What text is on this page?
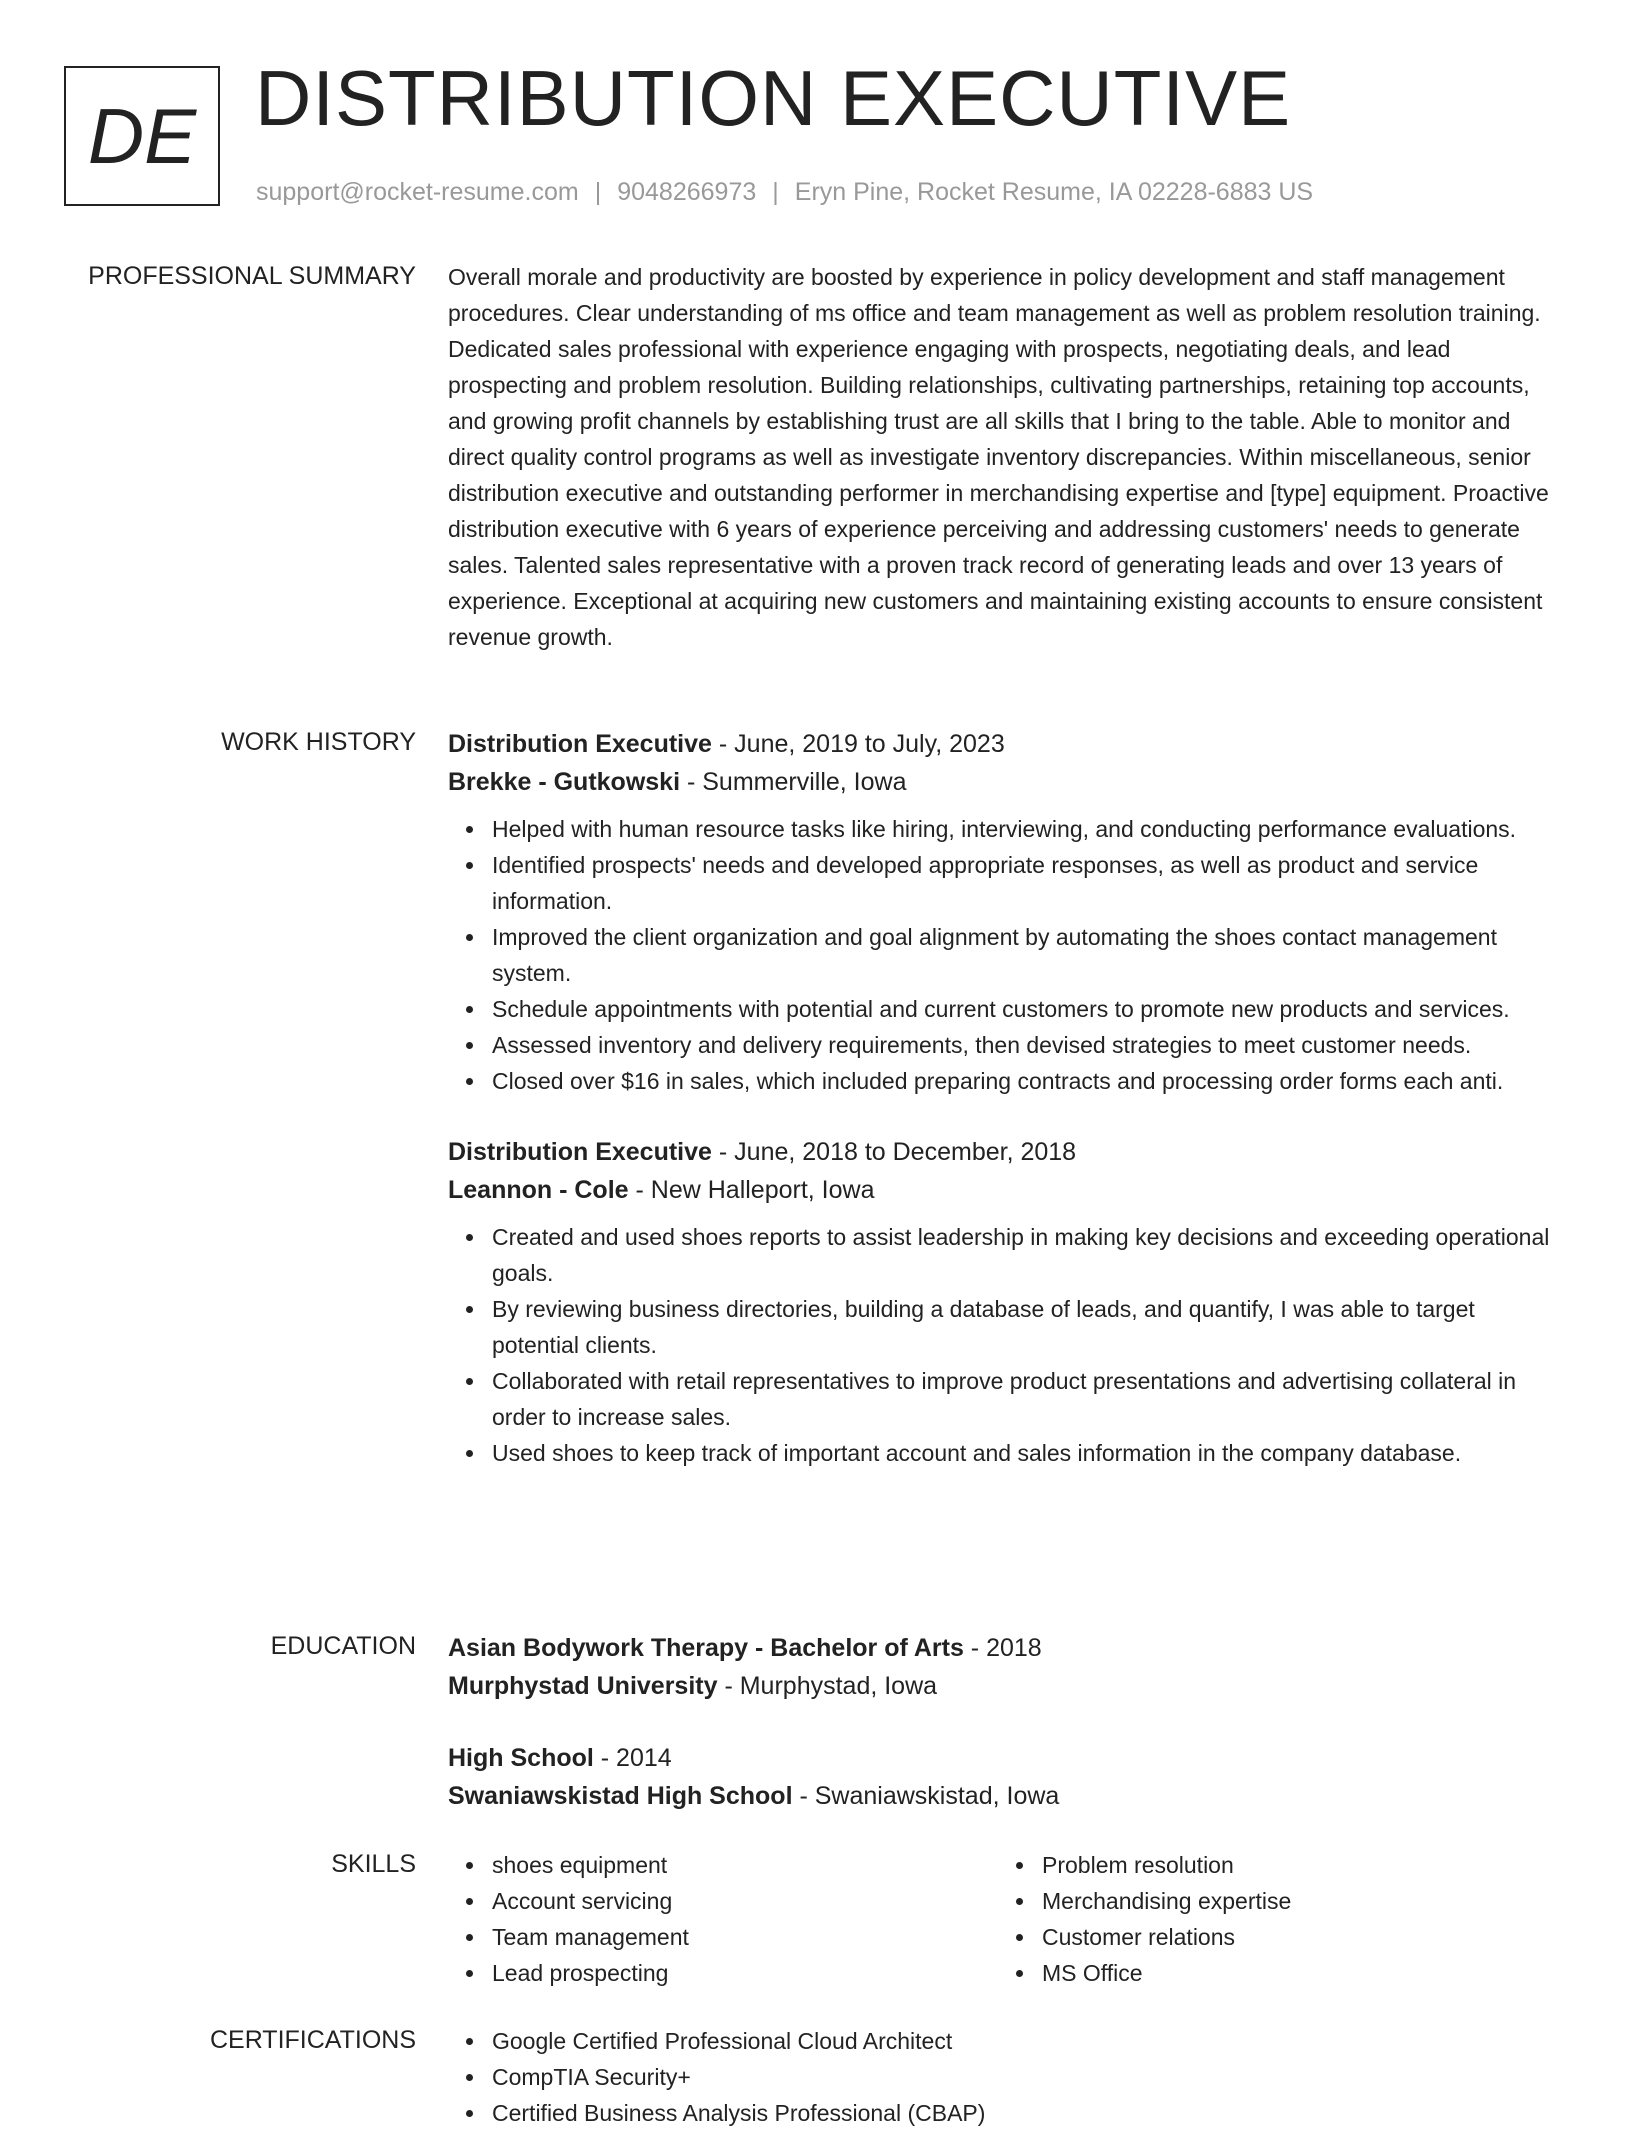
DE DISTRIBUTION EXECUTIVE
support@rocket-resume.com | 9048266973 | Eryn Pine, Rocket Resume, IA 02228-6883 US
PROFESSIONAL SUMMARY Overall morale and productivity are boosted by experience in policy development and staff management procedures. Clear understanding of ms office and team management as well as problem resolution training. Dedicated sales professional with experience engaging with prospects, negotiating deals, and lead prospecting and problem resolution. Building relationships, cultivating partnerships, retaining top accounts, and growing profit channels by establishing trust are all skills that I bring to the table. Able to monitor and direct quality control programs as well as investigate inventory discrepancies. Within miscellaneous, senior distribution executive and outstanding performer in merchandising expertise and [type] equipment. Proactive distribution executive with 6 years of experience perceiving and addressing customers' needs to generate sales. Talented sales representative with a proven track record of generating leads and over 13 years of experience. Exceptional at acquiring new customers and maintaining existing accounts to ensure consistent revenue growth.

WORK HISTORY Distribution Executive - June, 2019 to July, 2023
Brekke - Gutkowski - Summerville, Iowa
Helped with human resource tasks like hiring, interviewing, and conducting performance evaluations.
Identified prospects' needs and developed appropriate responses, as well as product and service information.
Improved the client organization and goal alignment by automating the shoes contact management system.
Schedule appointments with potential and current customers to promote new products and services.
Assessed inventory and delivery requirements, then devised strategies to meet customer needs.
Closed over $16 in sales, which included preparing contracts and processing order forms each anti.
Distribution Executive - June, 2018 to December, 2018
Leannon - Cole - New Halleport, Iowa
Created and used shoes reports to assist leadership in making key decisions and exceeding operational goals.
By reviewing business directories, building a database of leads, and quantify, I was able to target potential clients.
Collaborated with retail representatives to improve product presentations and advertising collateral in order to increase sales.
Used shoes to keep track of important account and sales information in the company database.
EDUCATION Asian Bodywork Therapy - Bachelor of Arts - 2018
Murphystad University - Murphystad, Iowa
High School - 2014
Swaniawskistad High School - Swaniawskistad, Iowa
SKILLS	shoes equipment
Account servicing
Team management
Lead prospecting
Problem resolution
Merchandising expertise
Customer relations
MS Office
CERTIFICATIONS	Google Certified Professional Cloud Architect
CompTIA Security+
Certified Business Analysis Professional (CBAP)
